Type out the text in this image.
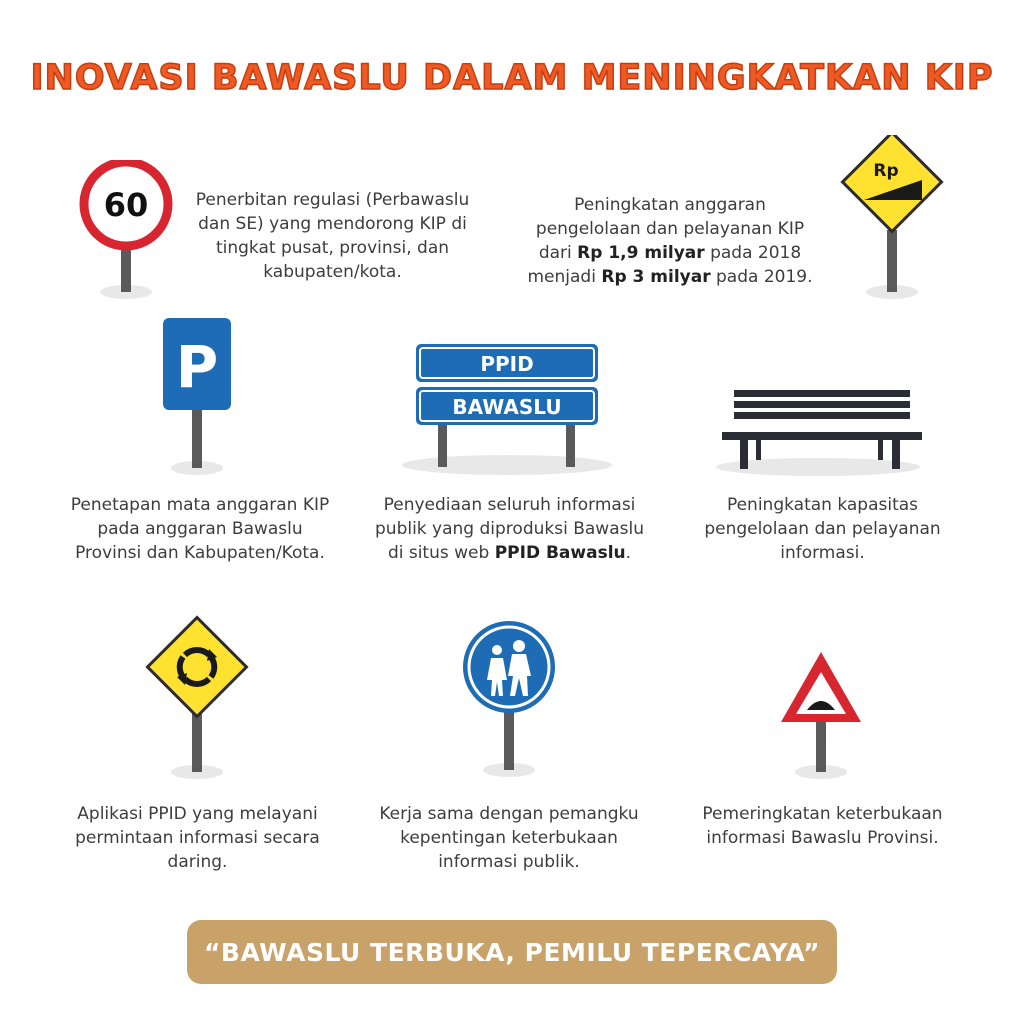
INOVASI BAWASLU DALAM MENINGKATKAN KIP
60	Penerbitan regulasi (Perbawaslu dan SE) yang mendorong KIP di tingkat pusat, provinsi, dan kabupaten/kota.
Peningkatan anggaran
pengelolaan dan pelayanan KIP
dari Rp 1,9 milyar pada 2018
menjadi Rp 3 milyar pada 2019.
Rp
P	PPID
BAWASLU
Penetapan mata anggaran KIP pada anggaran Bawaslu Provinsi dan Kabupaten/Kota.
Penyediaan seluruh informasi publik yang diproduksi Bawaslu di situs web PPID Bawaslu.
Peningkatan kapasitas pengelolaan dan pelayanan informasi.
Aplikasi PPID yang melayani permintaan informasi secara daring.
Kerja sama dengan pemangku kepentingan keterbukaan informasi publik.
Pemeringkatan keterbukaan informasi Bawaslu Provinsi.
“BAWASLU TERBUKA, PEMILU TEPERCAYA”
